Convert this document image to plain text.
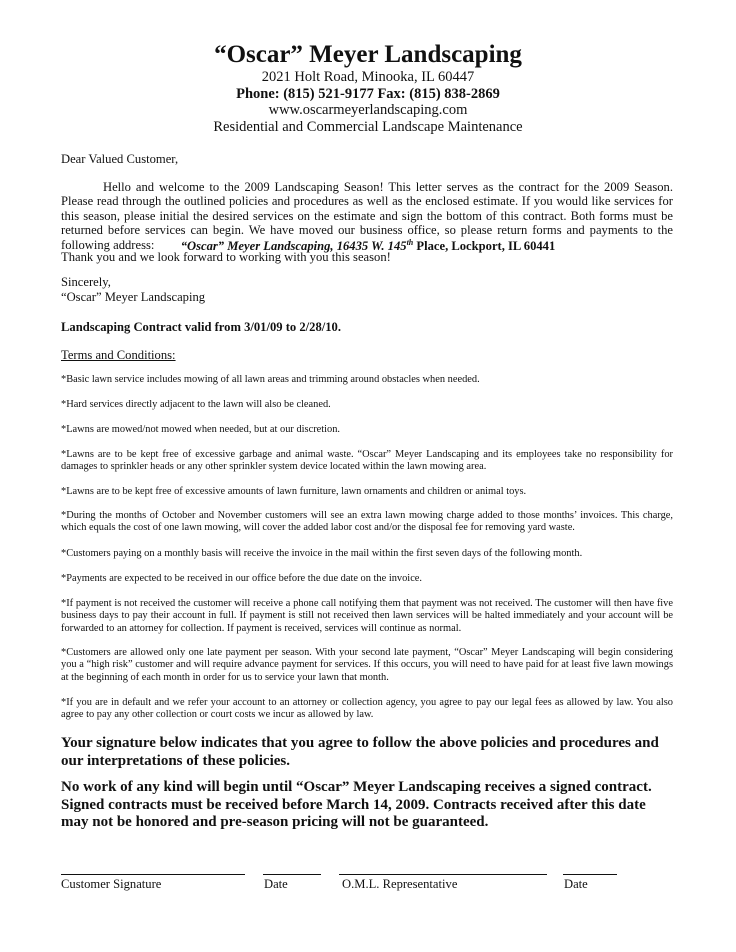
“Oscar” Meyer Landscaping
2021 Holt Road, Minooka, IL 60447
Phone: (815) 521-9177 Fax: (815) 838-2869
www.oscarmeyerlandscaping.com
Residential and Commercial Landscape Maintenance
Dear Valued Customer,
Hello and welcome to the 2009 Landscaping Season! This letter serves as the contract for the 2009 Season. Please read through the outlined policies and procedures as well as the enclosed estimate. If you would like services for this season, please initial the desired services on the estimate and sign the bottom of this contract. Both forms must be returned before services can begin. We have moved our business office, so please return forms and payments to the following address:	“Oscar” Meyer Landscaping, 16435 W. 145th Place, Lockport, IL 60441
Thank you and we look forward to working with you this season!
Sincerely,
“Oscar” Meyer Landscaping
Landscaping Contract valid from 3/01/09 to 2/28/10.
Terms and Conditions:
*Basic lawn service includes mowing of all lawn areas and trimming around obstacles when needed.
*Hard services directly adjacent to the lawn will also be cleaned.
*Lawns are mowed/not mowed when needed, but at our discretion.
*Lawns are to be kept free of excessive garbage and animal waste. “Oscar” Meyer Landscaping and its employees take no responsibility for damages to sprinkler heads or any other sprinkler system device located within the lawn mowing area.
*Lawns are to be kept free of excessive amounts of lawn furniture, lawn ornaments and children or animal toys.
*During the months of October and November customers will see an extra lawn mowing charge added to those months’ invoices. This charge, which equals the cost of one lawn mowing, will cover the added labor cost and/or the disposal fee for removing yard waste.
*Customers paying on a monthly basis will receive the invoice in the mail within the first seven days of the following month.
*Payments are expected to be received in our office before the due date on the invoice.
*If payment is not received the customer will receive a phone call notifying them that payment was not received. The customer will then have five business days to pay their account in full. If payment is still not received then lawn services will be halted immediately and your account will be forwarded to an attorney for collection. If payment is received, services will continue as normal.
*Customers are allowed only one late payment per season. With your second late payment, “Oscar” Meyer Landscaping will begin considering you a “high risk” customer and will require advance payment for services. If this occurs, you will need to have paid for at least five lawn mowings at the beginning of each month in order for us to service your lawn that month.
*If you are in default and we refer your account to an attorney or collection agency, you agree to pay our legal fees as allowed by law. You also agree to pay any other collection or court costs we incur as allowed by law.
Your signature below indicates that you agree to follow the above policies and procedures and our interpretations of these policies.
No work of any kind will begin until “Oscar” Meyer Landscaping receives a signed contract. Signed contracts must be received before March 14, 2009. Contracts received after this date may not be honored and pre-season pricing will not be guaranteed.
Customer Signature	Date	O.M.L. Representative	Date
